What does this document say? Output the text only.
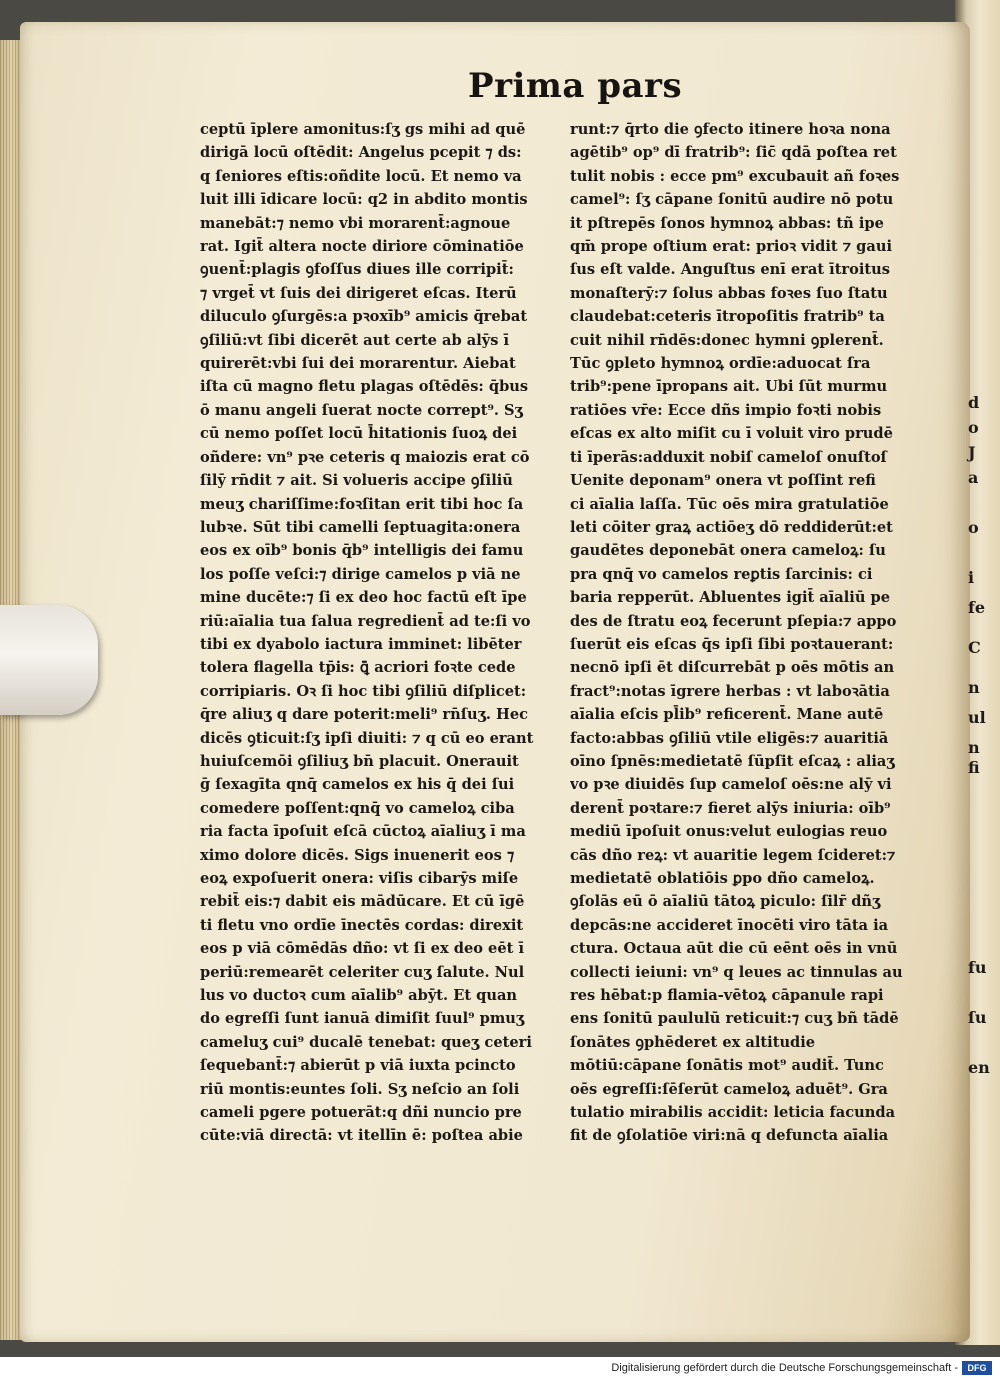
d
o
J
a
o
i
fe
C
n
ul
n
fi
fu
ſu
en
Prima pars
ceptū īplere amonitus:ſʒ gs mihi ad quē
dirigā locū oſtēdit: Angelus pcepit ⁊ ds:
q ſeniores eſtis:oñdite locū. Et nemo va
luit illi īdicare locū: q2 in abdito montis
manebāt:⁊ nemo vbi morarent̄:agnoue
rat. Igit̄ altera nocte diriore cōminatiōe
ꝯuent̄:plagis ꝯfoſſus diues ille corripit̄:
⁊ vrget̄ vt ſuis dei dirigeret eſcas. Iterū
diluculo ꝯſurgēs:a pꝛoxīb⁹ amicis q̄rebat
ꝯſiliū:vt ſibi dicerēt aut certe ab alȳs ī
quirerēt:vbi ſui dei morarentur. Aiebat
iſta cū magno fletu plagas oſtēdēs: q̄bus
ō manu angeli ſuerat nocte corrept⁹. Sʒ
cū nemo poſſet locū h̄itationis ſuoꝝ dei
oñdere: vn⁹ pꝛe ceteris q maiozis erat cō
ſilȳ rn̄dit ⁊ ait. Si volueris accipe ꝯſiliū
meuʒ chariſſime:foꝛſitan erit tibi hoc ſa
lubꝛe. Sūt tibi camelli ſeptuagita:onera
eos ex oīb⁹ bonis q̄b⁹ intelligis dei famu
los poſſe veſci:⁊ dirige camelos p viā ne
mine ducēte:⁊ ſi ex deo hoc factū eſt īpe
riū:aīalia tua ſalua regredient̄ ad te:ſi vo
tibi ex dyabolo iactura imminet: libēter
tolera flagella tp̄is: ꝗ̄ acriori foꝛte cede
corripiaris. Oꝛ ſi hoc tibi ꝯſiliū diſplicet:
q̄re aliuʒ q dare poterit:meli⁹ rn̄ſuʒ. Hec
dicēs ꝯticuit:ſʒ ipſi diuiti: ⁊ q cū eo erant
huiuſcemōi ꝯſiliuʒ bn̄ placuit. Onerauit
ḡ ſexagīta qnq̄ camelos ex his q̄ dei ſui
comedere poſſent:qnq̄ vo cameloꝝ ciba
ria facta īpoſuit eſcā cūctoꝝ aīaliuʒ ī ma
ximo dolore dicēs. Sigs inuenerit eos ⁊
eoꝝ expoſuerit onera: viſis cibarȳs miſe
rebit̄ eis:⁊ dabit eis mādūcare. Et cū īgē
ti fletu vno ordīe īnectēs cordas: direxit
eos p viā cōmēdās dño: vt ſi ex deo eēt ī
periū:remearēt celeriter cuʒ ſalute. Nul
lus vo ductoꝛ cum aīalib⁹ abȳt. Et quan
do egreſſi ſunt ianuā dimiſit ſuul⁹ pmuʒ
cameluʒ cui⁹ ducalē tenebat: queʒ ceteri
ſequebant̄:⁊ abierūt p viā iuxta pcincto
riū montis:euntes ſoli. Sʒ neſcio an ſoli
cameli pgere potuerāt:q dñi nuncio pre
cūte:viā directā: vt itellīn ē: poſtea abie
runt:⁊ q̄rto die ꝯfecto itinere hoꝛa nona
agētib⁹ op⁹ dī fratrib⁹: ſic̄ qdā poſtea ret
tulit nobis : ecce pm⁹ excubauit añ foꝛes
camel⁹: ſʒ cāpane ſonitū audire nō potu
it pſtrepēs ſonos hymnoꝝ abbas: tñ ipe
qm̄ prope oſtium erat: prioꝛ vidit ⁊ gaui
ſus eſt valde. Anguſtus enī erat ītroitus
monaſterȳ:⁊ ſolus abbas foꝛes ſuo ſtatu
claudebat:ceteris ītropoſitis fratrib⁹ ta
cuit nihil rn̄dēs:donec hymni ꝯplerent̄.
Tūc ꝯpleto hymnoꝝ ordīe:aduocat ſra
trib⁹:pene īpropans ait. Ubi ſūt murmu
ratiōes vr̄e: Ecce dñs impio foꝛti nobis
eſcas ex alto miſit cu ī voluit viro prudē
ti īperās:adduxit nobiſ cameloſ onuſtoſ
Uenite deponam⁹ onera vt poſſint refi
ci aīalia laſſa. Tūc oēs mira gratulatiōe
leti cōiter graꝝ actiōeʒ dō reddiderūt:et
gaudētes deponebāt onera cameloꝝ: ſu
pra qnq̄ vo camelos reꝑtis ſarcinis: ci
baria repperūt. Abluentes igit̄ aīaliū pe
des de ſtratu eoꝝ fecerunt pſepia:⁊ appo
ſuerūt eis eſcas q̄s ipſi ſibi poꝛtauerant:
necnō ipſi ēt diſcurrebāt p oēs mōtis an
fract⁹:notas īgrere herbas : vt laboꝛātia
aīalia eſcis pl̄ib⁹ reficerent̄. Mane autē
facto:abbas ꝯſiliū vtile eligēs:⁊ auaritiā
oīno ſpnēs:medietatē ſūpſit eſcaꝝ : aliaʒ
vo pꝛe diuidēs ſup cameloſ oēs:ne alȳ vi
derent̄ poꝛtare:⁊ fieret alȳs iniuria: oīb⁹
mediū īpoſuit onus:velut eulogias reuo
cās dño reꝝ: vt auaritie legem ſcideret:⁊
medietatē oblatiōis ꝑpo dño cameloꝝ.
ꝯſolās eū ō aīaliū tātoꝝ piculo: ſilr̄ dñʒ
depcās:ne accideret īnocēti viro tāta ia
ctura. Octaua aūt die cū eēnt oēs in vnū
collecti ieiuni: vn⁹ q leues ac tinnulas au
res hēbat:p flamia-vētoꝝ cāpanule rapi
ens ſonitū paululū reticuit:⁊ cuʒ bñ tādē
ſonātes ꝯphēderet ex altitudie
mōtiū:cāpane ſonātis mot⁹ audit̄. Tunc
oēs egreſſi:ſēſerūt cameloꝝ aduēt⁹. Gra
tulatio mirabilis accidit: leticia facunda
fit de ꝯſolatiōe viri:nā q defuncta aīalia
Digitalisierung gefördert durch die Deutsche Forschungsgemeinschaft -	DFG
